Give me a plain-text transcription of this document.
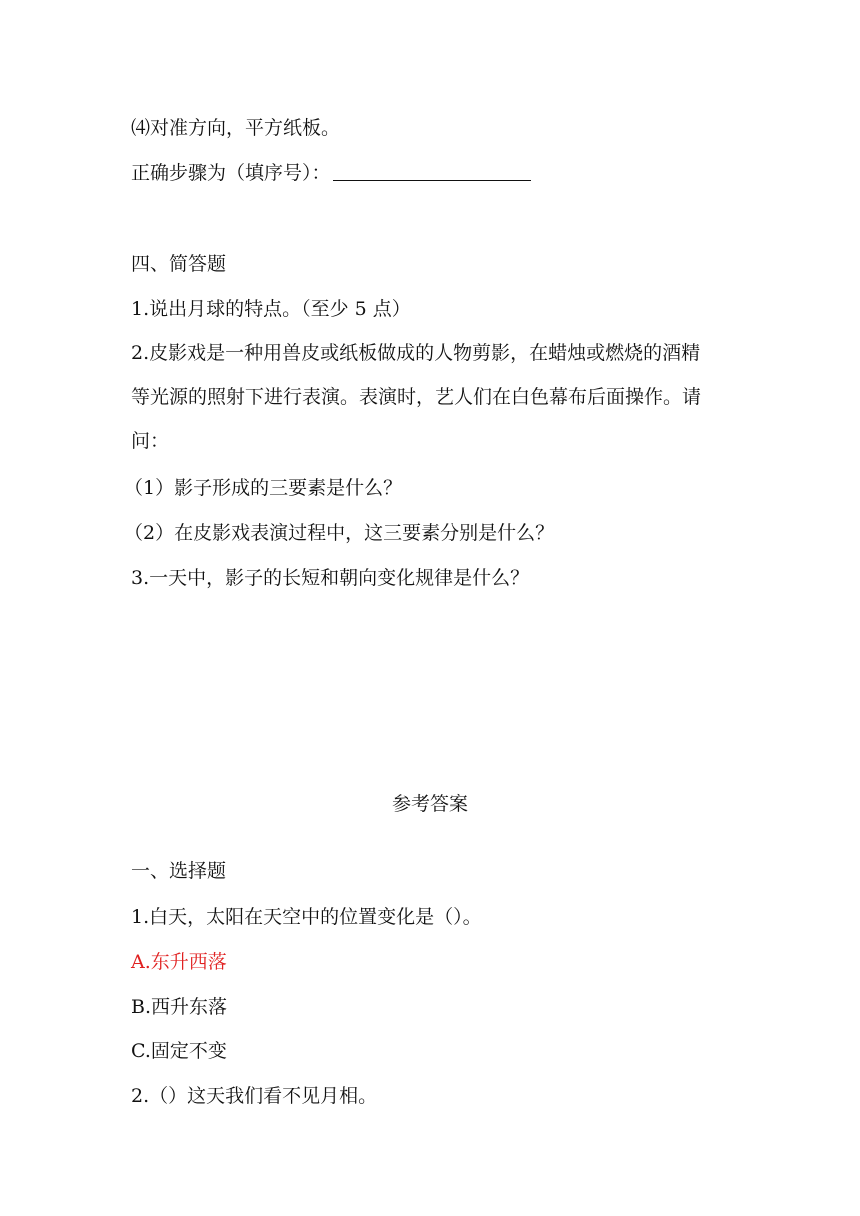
⑷对准方向，平方纸板。
正确步骤为（填序号）：
四、简答题
1.说出月球的特点。（至少 5 点）
2.皮影戏是一种用兽皮或纸板做成的人物剪影，在蜡烛或燃烧的酒精
等光源的照射下进行表演。表演时，艺人们在白色幕布后面操作。请
问：
（1）影子形成的三要素是什么？
（2）在皮影戏表演过程中，这三要素分别是什么？
3.一天中，影子的长短和朝向变化规律是什么？
参考答案
一、选择题
1.白天，太阳在天空中的位置变化是（）。
A.东升西落
B.西升东落
C.固定不变
2.（）这天我们看不见月相。
